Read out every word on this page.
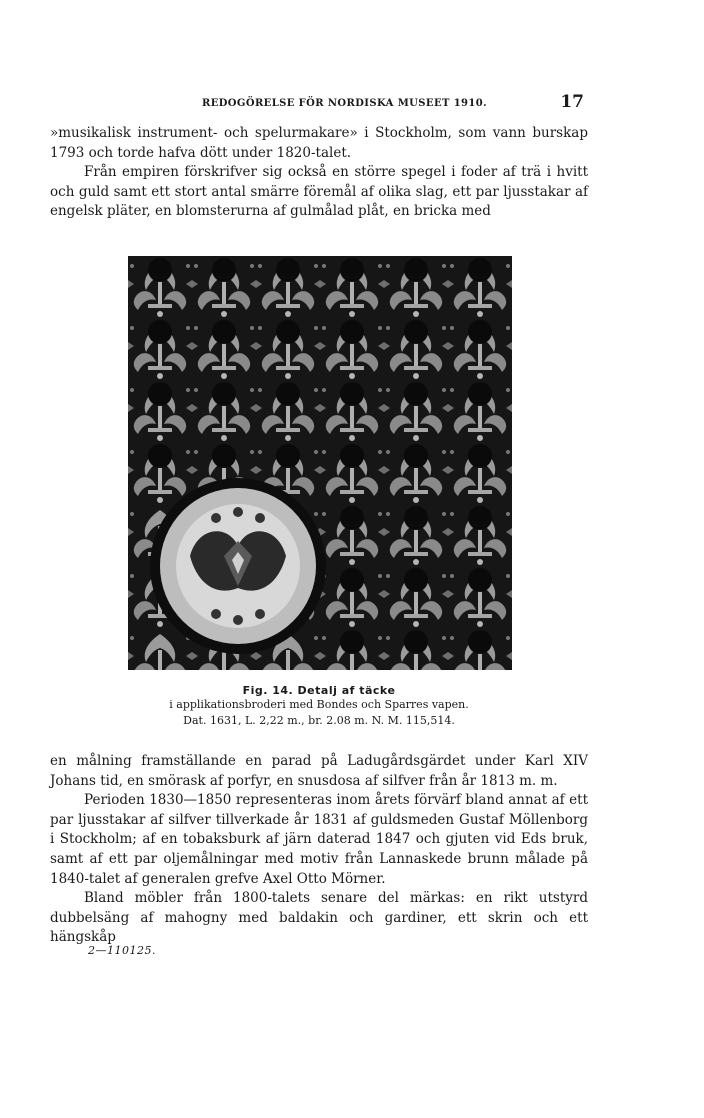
REDOGÖRELSE FÖR NORDISKA MUSEET 1910.	17

»musikalisk instrument- och spelurmakare» i Stockholm, som vann burskap 1793 och torde hafva dött under 1820-talet.

Från empiren förskrifver sig också en större spegel i foder af trä i hvitt och guld samt ett stort antal smärre föremål af olika slag, ett par ljusstakar af engelsk pläter, en blomsterurna af gulmålad plåt, en bricka med

Fig. 14. Detalj af täcke
i applikationsbroderi med Bondes och Sparres vapen.
Dat. 1631, L. 2,22 m., br. 2.08 m. N. M. 115,514.

en målning framställande en parad på Ladugårdsgärdet under Karl XIV Johans tid, en smörask af porfyr, en snusdosa af silfver från år 1813 m. m.

Perioden 1830—1850 representeras inom årets förvärf bland annat af ett par ljusstakar af silfver tillverkade år 1831 af guldsmeden Gustaf Möllenborg i Stockholm; af en tobaksburk af järn daterad 1847 och gjuten vid Eds bruk, samt af ett par oljemålningar med motiv från Lannaskede brunn målade på 1840-talet af generalen grefve Axel Otto Mörner.

Bland möbler från 1800-talets senare del märkas: en rikt utstyrd dubbelsäng af mahogny med baldakin och gardiner, ett skrin och ett hängskåp

2—110125.
